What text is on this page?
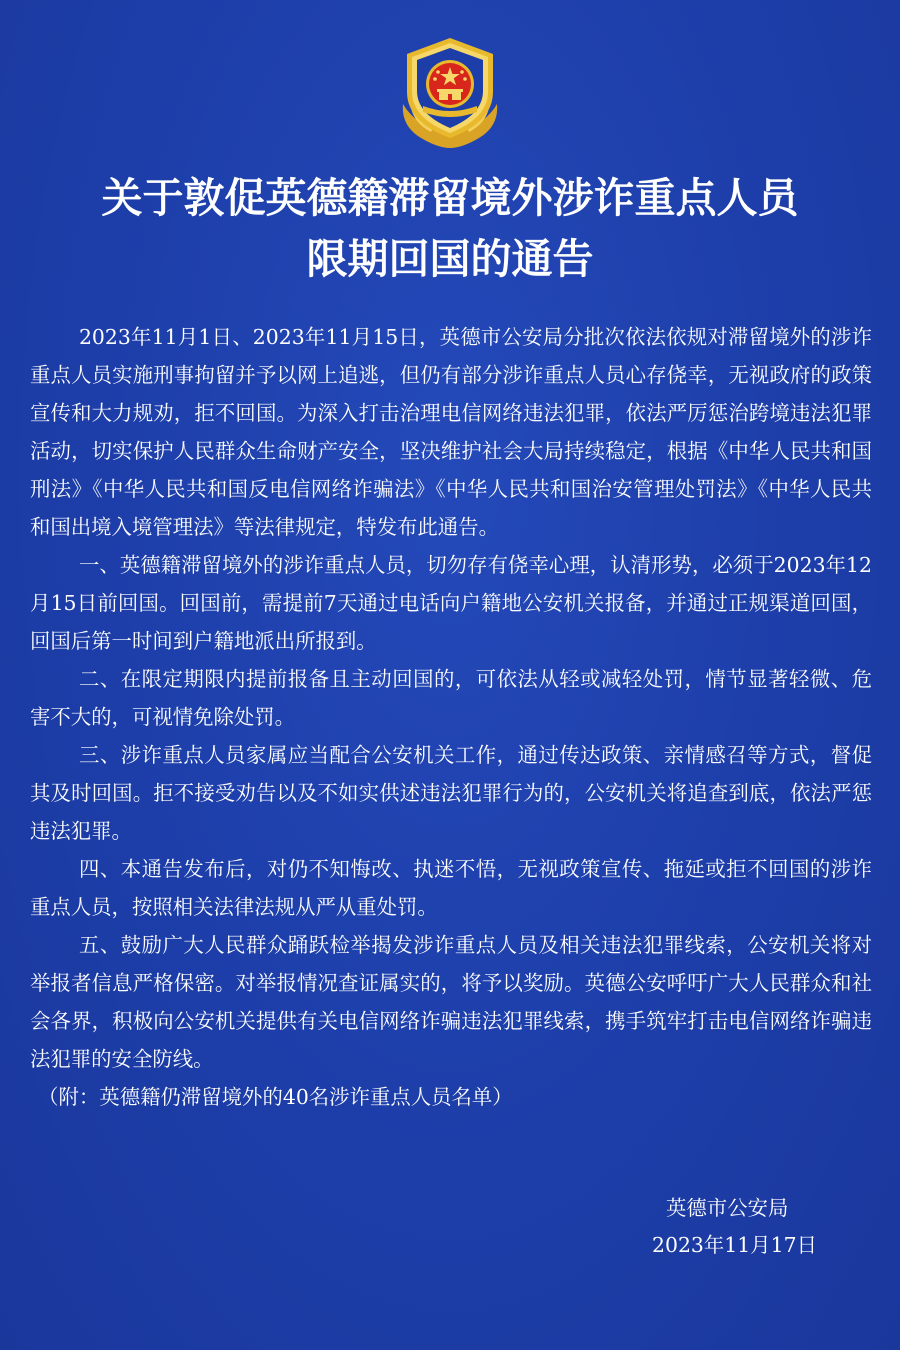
关于敦促英德籍滞留境外涉诈重点人员
限期回国的通告

2023年11月1日、2023年11月15日，英德市公安局分批次依法依规对滞留境外的涉诈重点人员实施刑事拘留并予以网上追逃，但仍有部分涉诈重点人员心存侥幸，无视政府的政策宣传和大力规劝，拒不回国。为深入打击治理电信网络违法犯罪，依法严厉惩治跨境违法犯罪活动，切实保护人民群众生命财产安全，坚决维护社会大局持续稳定，根据《中华人民共和国刑法》《中华人民共和国反电信网络诈骗法》《中华人民共和国治安管理处罚法》《中华人民共和国出境入境管理法》等法律规定，特发布此通告。

一、英德籍滞留境外的涉诈重点人员，切勿存有侥幸心理，认清形势，必须于2023年12月15日前回国。回国前，需提前7天通过电话向户籍地公安机关报备，并通过正规渠道回国，回国后第一时间到户籍地派出所报到。

二、在限定期限内提前报备且主动回国的，可依法从轻或减轻处罚，情节显著轻微、危害不大的，可视情免除处罚。

三、涉诈重点人员家属应当配合公安机关工作，通过传达政策、亲情感召等方式，督促其及时回国。拒不接受劝告以及不如实供述违法犯罪行为的，公安机关将追查到底，依法严惩违法犯罪。

四、本通告发布后，对仍不知悔改、执迷不悟，无视政策宣传、拖延或拒不回国的涉诈重点人员，按照相关法律法规从严从重处罚。

五、鼓励广大人民群众踊跃检举揭发涉诈重点人员及相关违法犯罪线索，公安机关将对举报者信息严格保密。对举报情况查证属实的，将予以奖励。英德公安呼吁广大人民群众和社会各界，积极向公安机关提供有关电信网络诈骗违法犯罪线索，携手筑牢打击电信网络诈骗违法犯罪的安全防线。

（附：英德籍仍滞留境外的40名涉诈重点人员名单）

英德市公安局
2023年11月17日
